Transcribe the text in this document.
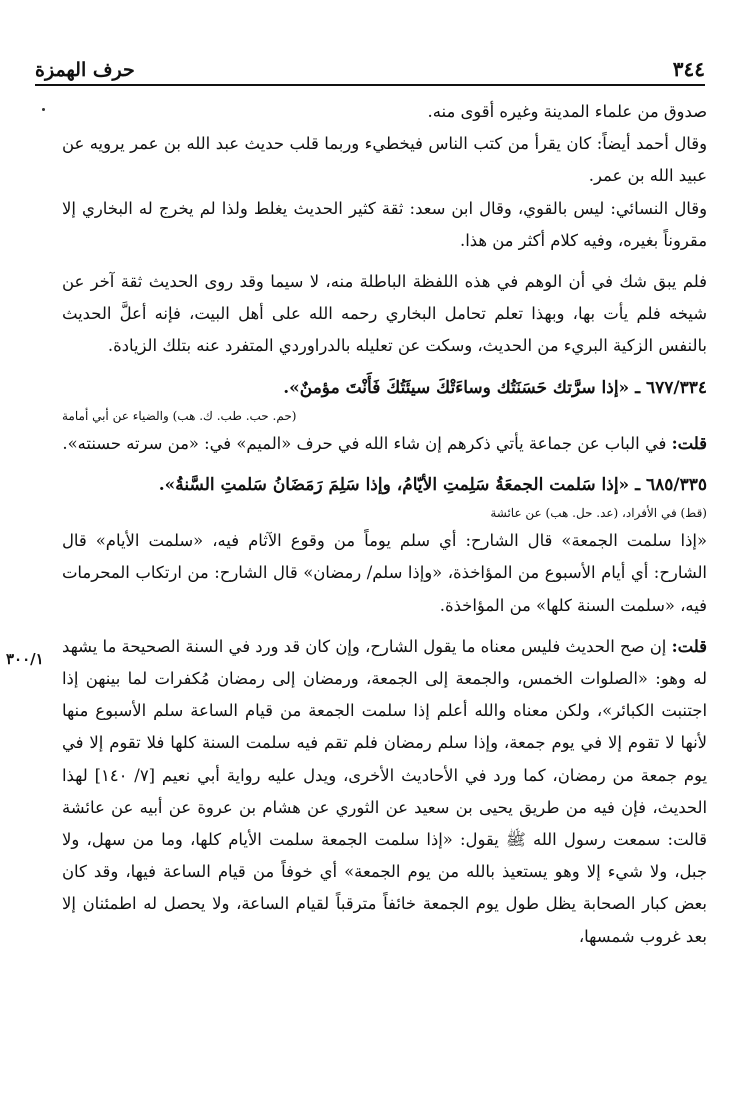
٣٤٤
حرف الهمزة
٣٠٠/١

صدوق من علماء المدينة وغيره أقوى منه.

وقال أحمد أيضاً: كان يقرأ من كتب الناس فيخطيء وربما قلب حديث عبد الله بن عمر يرويه عن عبيد الله بن عمر.

وقال النسائي: ليس بالقوي، وقال ابن سعد: ثقة كثير الحديث يغلط ولذا لم يخرج له البخاري إلا مقروناً بغيره، وفيه كلام أكثر من هذا.

فلم يبق شك في أن الوهم في هذه اللفظة الباطلة منه، لا سيما وقد روى الحديث ثقة آخر عن شيخه فلم يأت بها، وبهذا تعلم تحامل البخاري رحمه الله على أهل البيت، فإنه أعلَّ الحديث بالنفس الزكية البريء من الحديث، وسكت عن تعليله بالدراوردي المتفرد عنه بتلك الزيادة.

٦٧٧/٣٣٤ ـ «إذا سرَّتك حَسَنَتُك وساءَتْكَ سيئَتُكَ فَأَنْتَ مؤمنٌ».

(حم. حب. طب. ك. هب) والضياء عن أبي أمامة

قلت: في الباب عن جماعة يأتي ذكرهم إن شاء الله في حرف «الميم» في: «من سرته حسنته».

٦٨٥/٣٣٥ ـ «إذا سَلمت الجمعَةُ سَلِمتِ الأيّامُ، وإذا سَلِمَ رَمَضَانُ سَلمتِ السَّنةُ».

(قط) في الأفراد، (عد. حل. هب) عن عائشة

«إذا سلمت الجمعة» قال الشارح: أي سلم يوماً من وقوع الآثام فيه، «سلمت الأيام» قال الشارح: أي أيام الأسبوع من المؤاخذة، «وإذا سلم/ رمضان» قال الشارح: من ارتكاب المحرمات فيه، «سلمت السنة كلها» من المؤاخذة.

قلت: إن صح الحديث فليس معناه ما يقول الشارح، وإن كان قد ورد في السنة الصحيحة ما يشهد له وهو: «الصلوات الخمس، والجمعة إلى الجمعة، ورمضان إلى رمضان مُكفرات لما بينهن إذا اجتنبت الكبائر»، ولكن معناه والله أعلم إذا سلمت الجمعة من قيام الساعة سلم الأسبوع منها لأنها لا تقوم إلا في يوم جمعة، وإذا سلم رمضان فلم تقم فيه سلمت السنة كلها فلا تقوم إلا في يوم جمعة من رمضان، كما ورد في الأحاديث الأخرى، ويدل عليه رواية أبي نعيم [٧/ ١٤٠] لهذا الحديث، فإن فيه من طريق يحيى بن سعيد عن الثوري عن هشام بن عروة عن أبيه عن عائشة قالت: سمعت رسول الله ﷺ يقول: «إذا سلمت الجمعة سلمت الأيام كلها، وما من سهل، ولا جبل، ولا شيء إلا وهو يستعيذ بالله من يوم الجمعة» أي خوفاً من قيام الساعة فيها، وقد كان بعض كبار الصحابة يظل طول يوم الجمعة خائفاً مترقباً لقيام الساعة، ولا يحصل له اطمئنان إلا بعد غروب شمسها،
